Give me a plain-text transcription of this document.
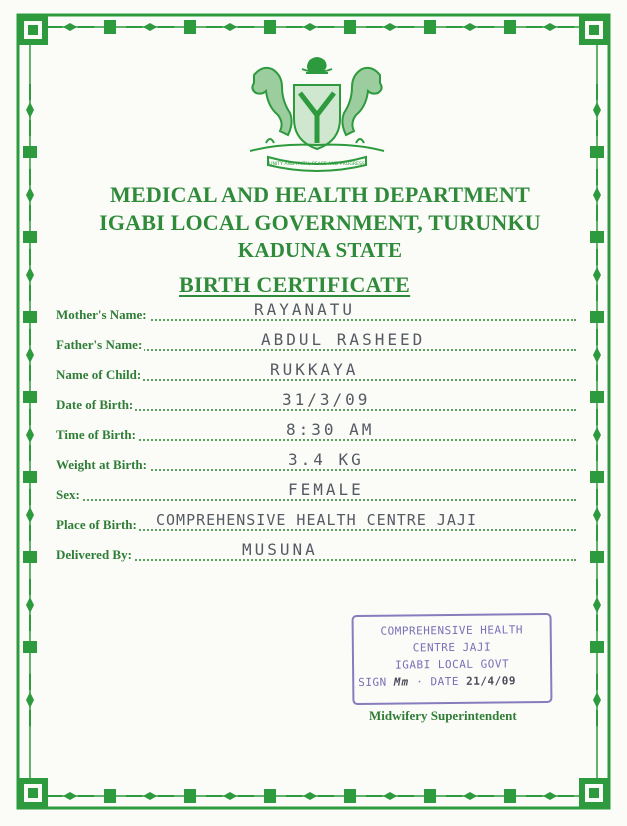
UNITY AND FAITH, PEACE AND PROGRESS
MEDICAL AND HEALTH DEPARTMENT
IGABI LOCAL GOVERNMENT, TURUNKU
KADUNA STATE
BIRTH CERTIFICATE
Mother's Name:	RAYANATU
Father's Name:	ABDUL RASHEED
Name of Child:	RUKKAYA
Date of Birth:	31/3/09
Time of Birth:	8:30 AM
Weight at Birth:	3.4 KG
Sex:	FEMALE
Place of Birth: COMPREHENSIVE HEALTH CENTRE JAJI
Delivered By:	MUSUNA
COMPREHENSIVE HEALTH
CENTRE JAJI
IGABI LOCAL GOVT
SIGN Mm · DATE 21/4/09
Midwifery Superintendent
